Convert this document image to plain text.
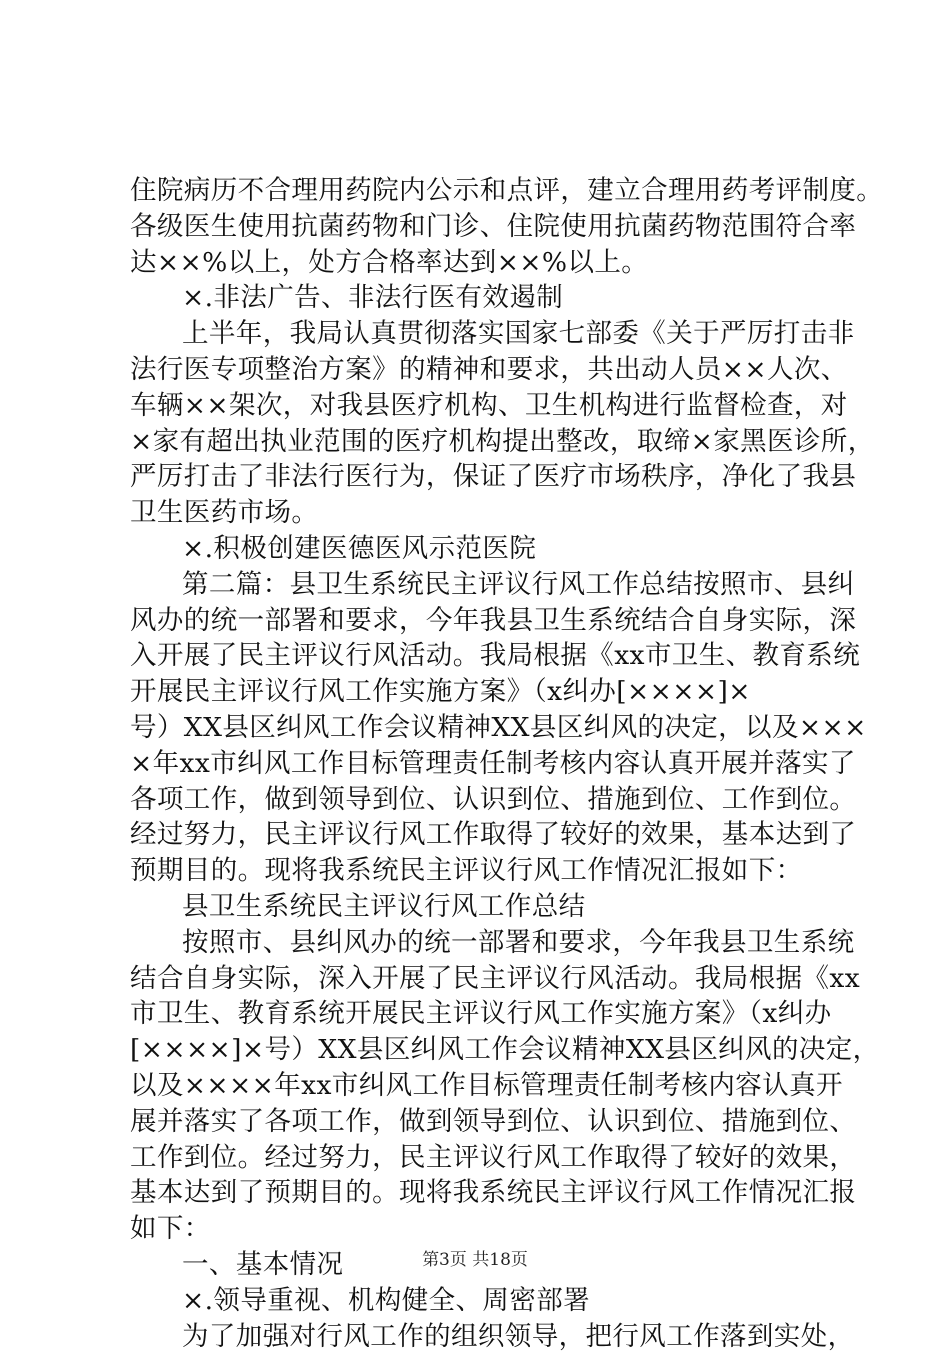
住院病历不合理用药院内公示和点评，建立合理用药考评制度。
各级医生使用抗菌药物和门诊、住院使用抗菌药物范围符合率
达××%以上，处方合格率达到××%以上。
×.非法广告、非法行医有效遏制
上半年，我局认真贯彻落实国家七部委《关于严厉打击非
法行医专项整治方案》的精神和要求，共出动人员××人次、
车辆××架次，对我县医疗机构、卫生机构进行监督检查，对
×家有超出执业范围的医疗机构提出整改，取缔×家黑医诊所，
严厉打击了非法行医行为，保证了医疗市场秩序，净化了我县
卫生医药市场。
×.积极创建医德医风示范医院
第二篇：县卫生系统民主评议行风工作总结按照市、县纠
风办的统一部署和要求，今年我县卫生系统结合自身实际，深
入开展了民主评议行风活动。我局根据《xx市卫生、教育系统
开展民主评议行风工作实施方案》（x纠办[××××]×
号）XX县区纠风工作会议精神XX县区纠风的决定，以及×××
×年xx市纠风工作目标管理责任制考核内容认真开展并落实了
各项工作，做到领导到位、认识到位、措施到位、工作到位。
经过努力，民主评议行风工作取得了较好的效果，基本达到了
预期目的。现将我系统民主评议行风工作情况汇报如下：
县卫生系统民主评议行风工作总结
按照市、县纠风办的统一部署和要求，今年我县卫生系统
结合自身实际，深入开展了民主评议行风活动。我局根据《xx
市卫生、教育系统开展民主评议行风工作实施方案》（x纠办
[××××]×号）XX县区纠风工作会议精神XX县区纠风的决定，
以及××××年xx市纠风工作目标管理责任制考核内容认真开
展并落实了各项工作，做到领导到位、认识到位、措施到位、
工作到位。经过努力，民主评议行风工作取得了较好的效果，
基本达到了预期目的。现将我系统民主评议行风工作情况汇报
如下：
一、基本情况
×.领导重视、机构健全、周密部署
为了加强对行风工作的组织领导，把行风工作落到实处，
第3页 共18页
